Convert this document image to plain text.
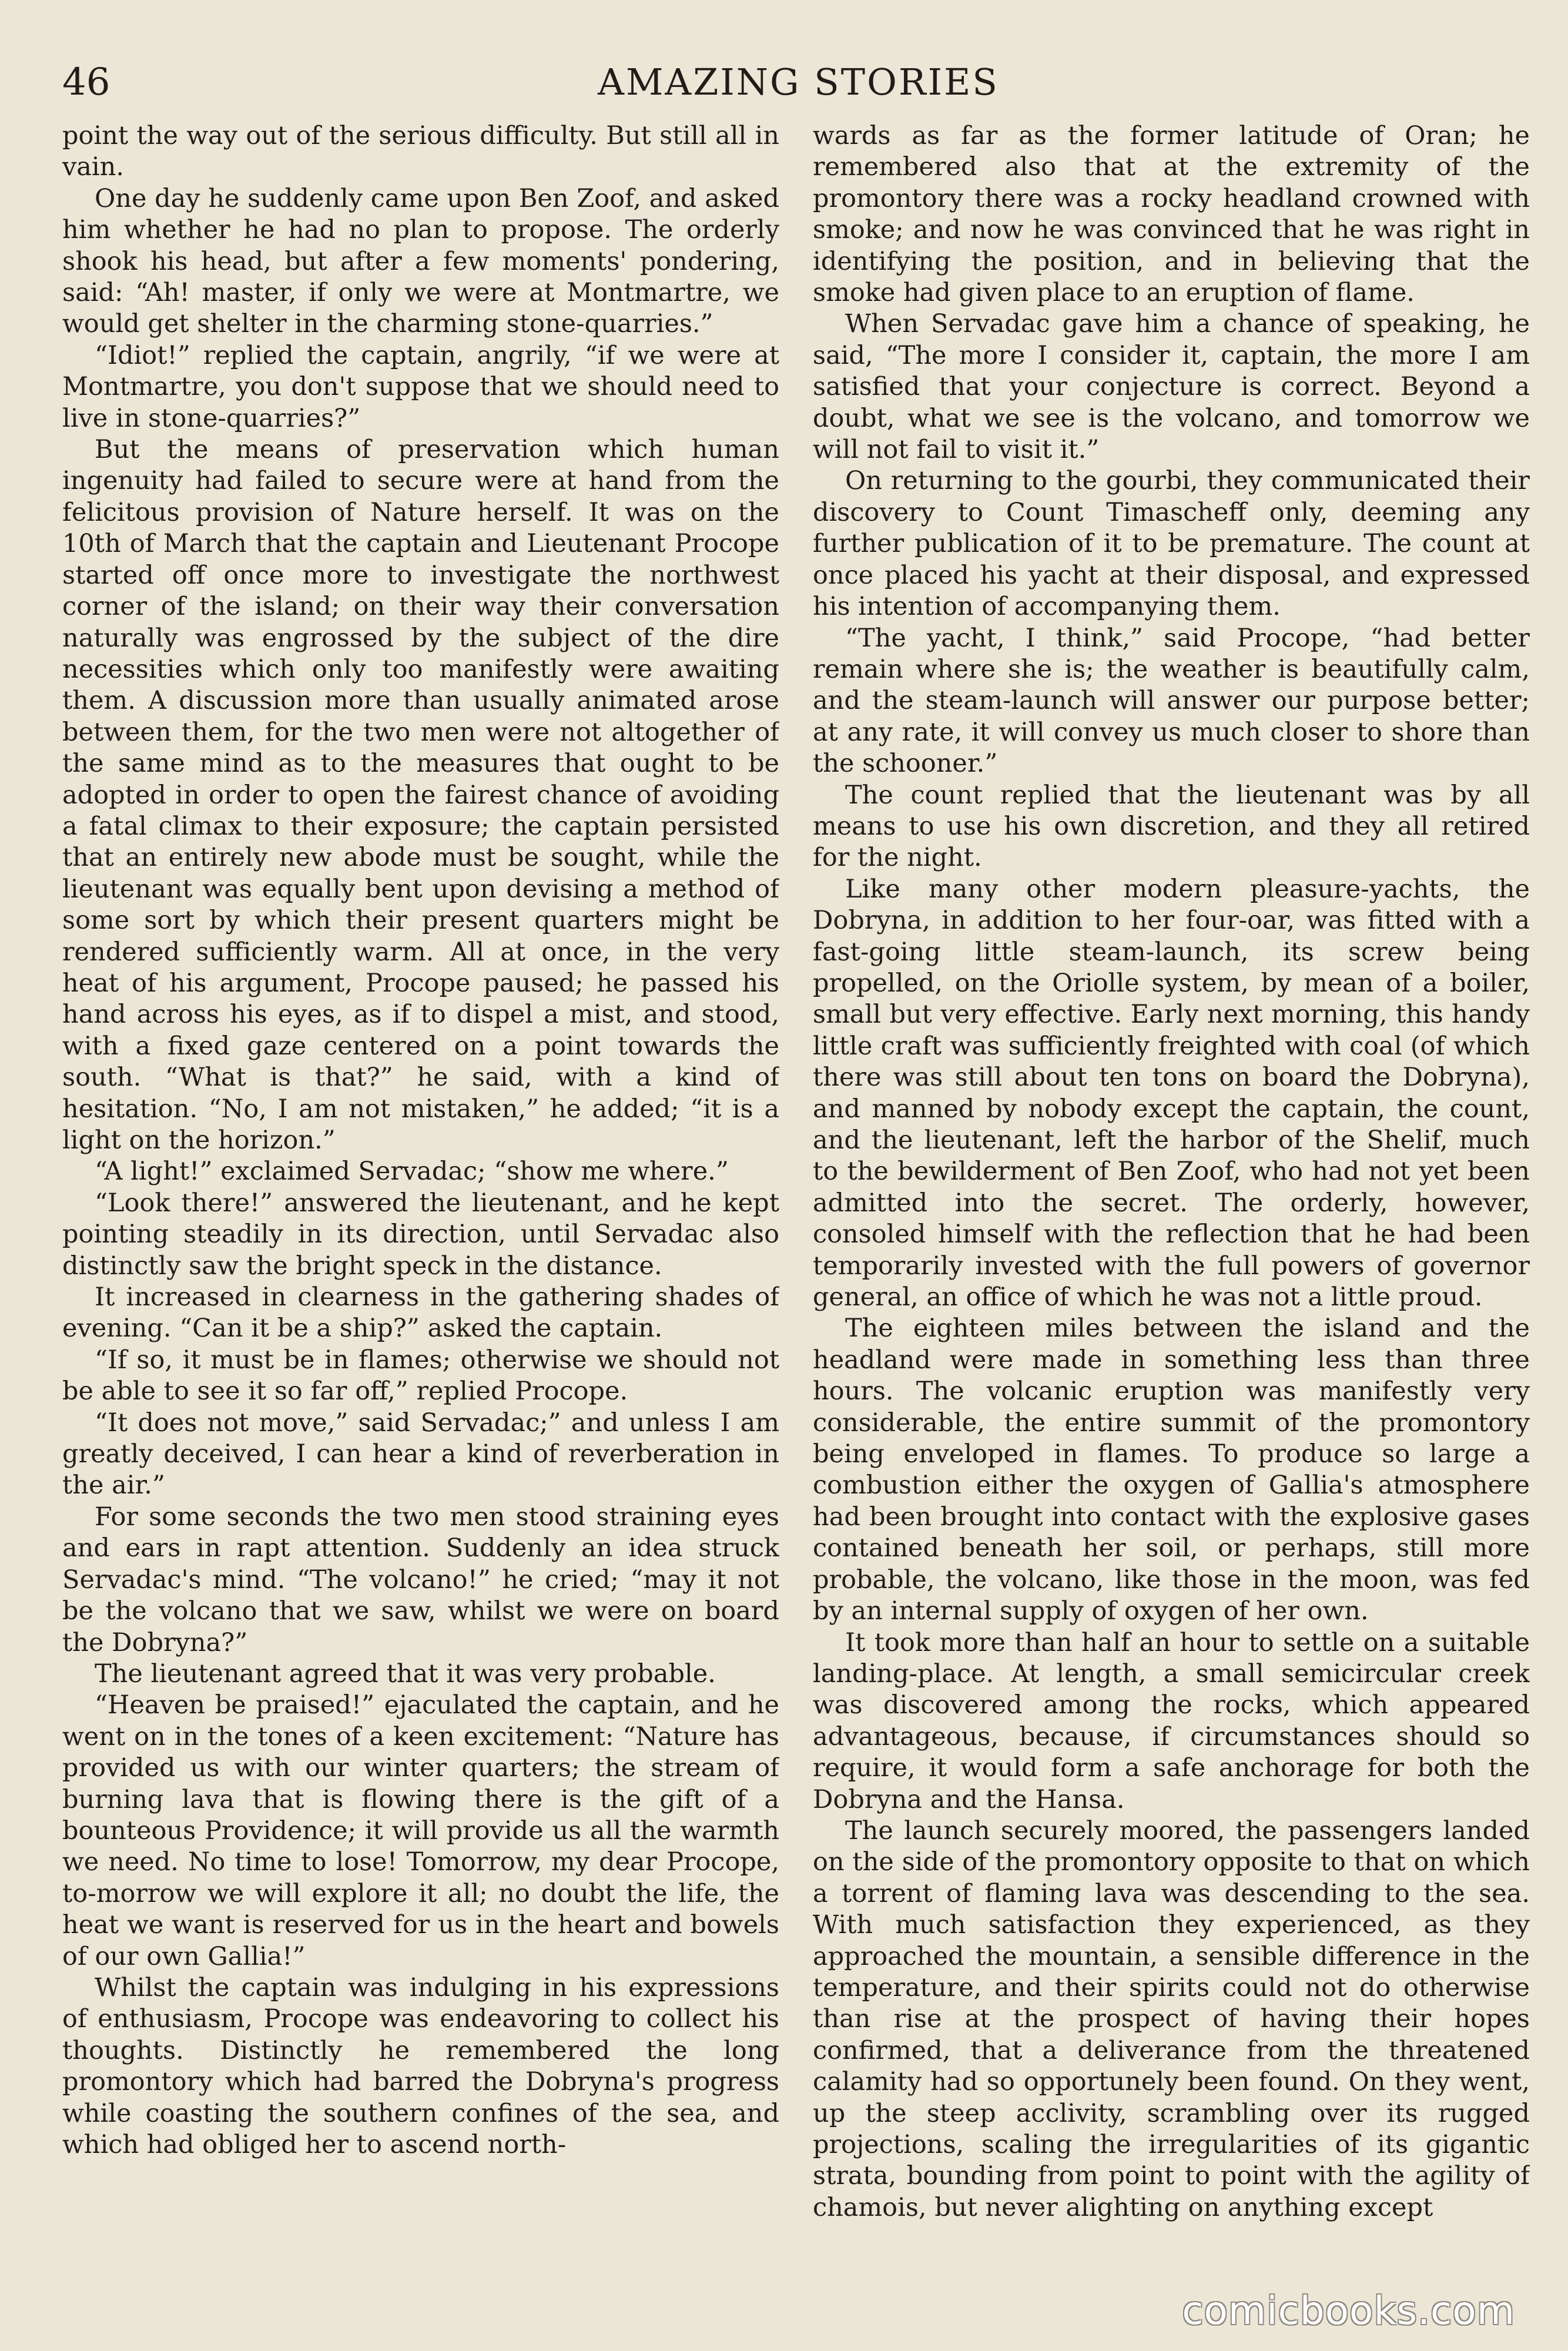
46	AMAZING STORIES

point the way out of the serious difficulty. But still all in vain.

One day he suddenly came upon Ben Zoof, and asked him whether he had no plan to propose. The orderly shook his head, but after a few moments' pondering, said: “Ah! master, if only we were at Montmartre, we would get shelter in the charming stone-quarries.”

“Idiot!” replied the captain, angrily, “if we were at Montmartre, you don't suppose that we should need to live in stone-quarries?”

But the means of preservation which human ingenuity had failed to secure were at hand from the felicitous provision of Nature herself. It was on the 10th of March that the captain and Lieutenant Procope started off once more to investigate the northwest corner of the island; on their way their conversation naturally was engrossed by the subject of the dire necessities which only too manifestly were awaiting them. A discussion more than usually animated arose between them, for the two men were not altogether of the same mind as to the measures that ought to be adopted in order to open the fairest chance of avoiding a fatal climax to their exposure; the captain persisted that an entirely new abode must be sought, while the lieutenant was equally bent upon devising a method of some sort by which their present quarters might be rendered sufficiently warm. All at once, in the very heat of his argument, Procope paused; he passed his hand across his eyes, as if to dispel a mist, and stood, with a fixed gaze centered on a point towards the south. “What is that?” he said, with a kind of hesitation. “No, I am not mistaken,” he added; “it is a light on the horizon.”

“A light!” exclaimed Servadac; “show me where.”

“Look there!” answered the lieutenant, and he kept pointing steadily in its direction, until Servadac also distinctly saw the bright speck in the distance.

It increased in clearness in the gathering shades of evening. “Can it be a ship?” asked the captain.

“If so, it must be in flames; otherwise we should not be able to see it so far off,” replied Procope.

“It does not move,” said Servadac;” and unless I am greatly deceived, I can hear a kind of reverberation in the air.”

For some seconds the two men stood straining eyes and ears in rapt attention. Suddenly an idea struck Servadac's mind. “The volcano!” he cried; “may it not be the volcano that we saw, whilst we were on board the Dobryna?”

The lieutenant agreed that it was very probable.

“Heaven be praised!” ejaculated the captain, and he went on in the tones of a keen excitement: “Nature has provided us with our winter quarters; the stream of burning lava that is flowing there is the gift of a bounteous Providence; it will provide us all the warmth we need. No time to lose! Tomorrow, my dear Procope, to-morrow we will explore it all; no doubt the life, the heat we want is reserved for us in the heart and bowels of our own Gallia!”

Whilst the captain was indulging in his expressions of enthusiasm, Procope was endeavoring to collect his thoughts. Distinctly he remembered the long promontory which had barred the Dobryna's progress while coasting the southern confines of the sea, and which had obliged her to ascend north-

wards as far as the former latitude of Oran; he remembered also that at the extremity of the promontory there was a rocky headland crowned with smoke; and now he was convinced that he was right in identifying the position, and in believing that the smoke had given place to an eruption of flame.

When Servadac gave him a chance of speaking, he said, “The more I consider it, captain, the more I am satisfied that your conjecture is correct. Beyond a doubt, what we see is the volcano, and tomorrow we will not fail to visit it.”

On returning to the gourbi, they communicated their discovery to Count Timascheff only, deeming any further publication of it to be premature. The count at once placed his yacht at their disposal, and expressed his intention of accompanying them.

“The yacht, I think,” said Procope, “had better remain where she is; the weather is beautifully calm, and the steam-launch will answer our purpose better; at any rate, it will convey us much closer to shore than the schooner.”

The count replied that the lieutenant was by all means to use his own discretion, and they all retired for the night.

Like many other modern pleasure-yachts, the Dobryna, in addition to her four-oar, was fitted with a fast-going little steam-launch, its screw being propelled, on the Oriolle system, by mean of a boiler, small but very effective. Early next morning, this handy little craft was sufficiently freighted with coal (of which there was still about ten tons on board the Dobryna), and manned by nobody except the captain, the count, and the lieutenant, left the harbor of the Shelif, much to the bewilderment of Ben Zoof, who had not yet been admitted into the secret. The orderly, however, consoled himself with the reflection that he had been temporarily invested with the full powers of governor general, an office of which he was not a little proud.

The eighteen miles between the island and the headland were made in something less than three hours. The volcanic eruption was manifestly very considerable, the entire summit of the promontory being enveloped in flames. To produce so large a combustion either the oxygen of Gallia's atmosphere had been brought into contact with the explosive gases contained beneath her soil, or perhaps, still more probable, the volcano, like those in the moon, was fed by an internal supply of oxygen of her own.

It took more than half an hour to settle on a suitable landing-place. At length, a small semicircular creek was discovered among the rocks, which appeared advantageous, because, if circumstances should so require, it would form a safe anchorage for both the Dobryna and the Hansa.

The launch securely moored, the passengers landed on the side of the promontory opposite to that on which a torrent of flaming lava was descending to the sea. With much satisfaction they experienced, as they approached the mountain, a sensible difference in the temperature, and their spirits could not do otherwise than rise at the prospect of having their hopes confirmed, that a deliverance from the threatened calamity had so opportunely been found. On they went, up the steep acclivity, scrambling over its rugged projections, scaling the irregularities of its gigantic strata, bounding from point to point with the agility of chamois, but never alighting on anything except

comicbooks.com
